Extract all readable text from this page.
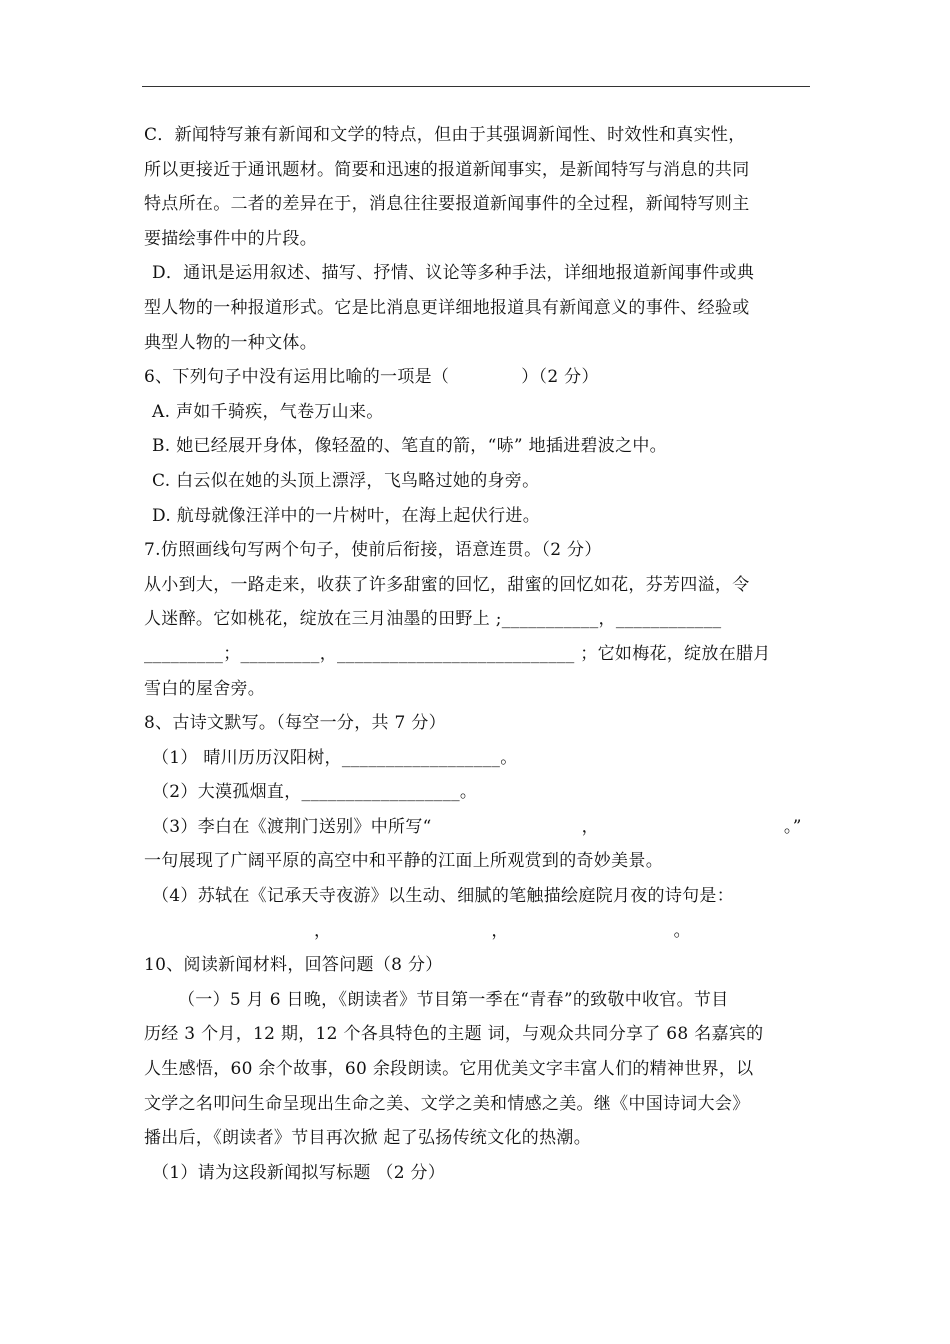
C．新闻特写兼有新闻和文学的特点，但由于其强调新闻性、时效性和真实性，
所以更接近于通讯题材。简要和迅速的报道新闻事实，是新闻特写与消息的共同
特点所在。二者的差异在于，消息往往要报道新闻事件的全过程，新闻特写则主
要描绘事件中的片段。
D．通讯是运用叙述、描写、抒情、议论等多种手法，详细地报道新闻事件或典
型人物的一种报道形式。它是比消息更详细地报道具有新闻意义的事件、经验或
典型人物的一种文体。
6、下列句子中没有运用比喻的一项是（	）（2 分）
A. 声如千骑疾，气卷万山来。
B. 她已经展开身体，像轻盈的、笔直的箭，“哧” 地插进碧波之中。
C. 白云似在她的头顶上漂浮，飞鸟略过她的身旁。
D. 航母就像汪洋中的一片树叶，在海上起伏行进。
7.仿照画线句写两个句子，使前后衔接，语意连贯。（2 分）
从小到大，一路走来，收获了许多甜蜜的回忆，甜蜜的回忆如花，芬芳四溢，令
人迷醉。它如桃花，绽放在三月油墨的田野上 ;___________，____________
_________；_________，___________________________ ；它如梅花，绽放在腊月
雪白的屋舍旁。
8、古诗文默写。（每空一分，共 7 分）
（1） 晴川历历汉阳树，__________________。
（2）大漠孤烟直，__________________。
（3）李白在《渡荆门送别》中所写“	，	。”
一句展现了广阔平原的高空中和平静的江面上所观赏到的奇妙美景。
（4）苏轼在《记承天寺夜游》以生动、细腻的笔触描绘庭院月夜的诗句是：
，	，	。
10、阅读新闻材料，回答问题（8 分）
（一）5 月 6 日晚，《朗读者》节目第一季在“青春”的致敬中收官。节目
历经 3 个月，12 期，12 个各具特色的主题 词，与观众共同分享了 68 名嘉宾的
人生感悟，60 余个故事，60 余段朗读。它用优美文字丰富人们的精神世界，以
文学之名叩问生命呈现出生命之美、文学之美和情感之美。继《中国诗词大会》
播出后，《朗读者》节目再次掀 起了弘扬传统文化的热潮。
（1）请为这段新闻拟写标题 （2 分）
